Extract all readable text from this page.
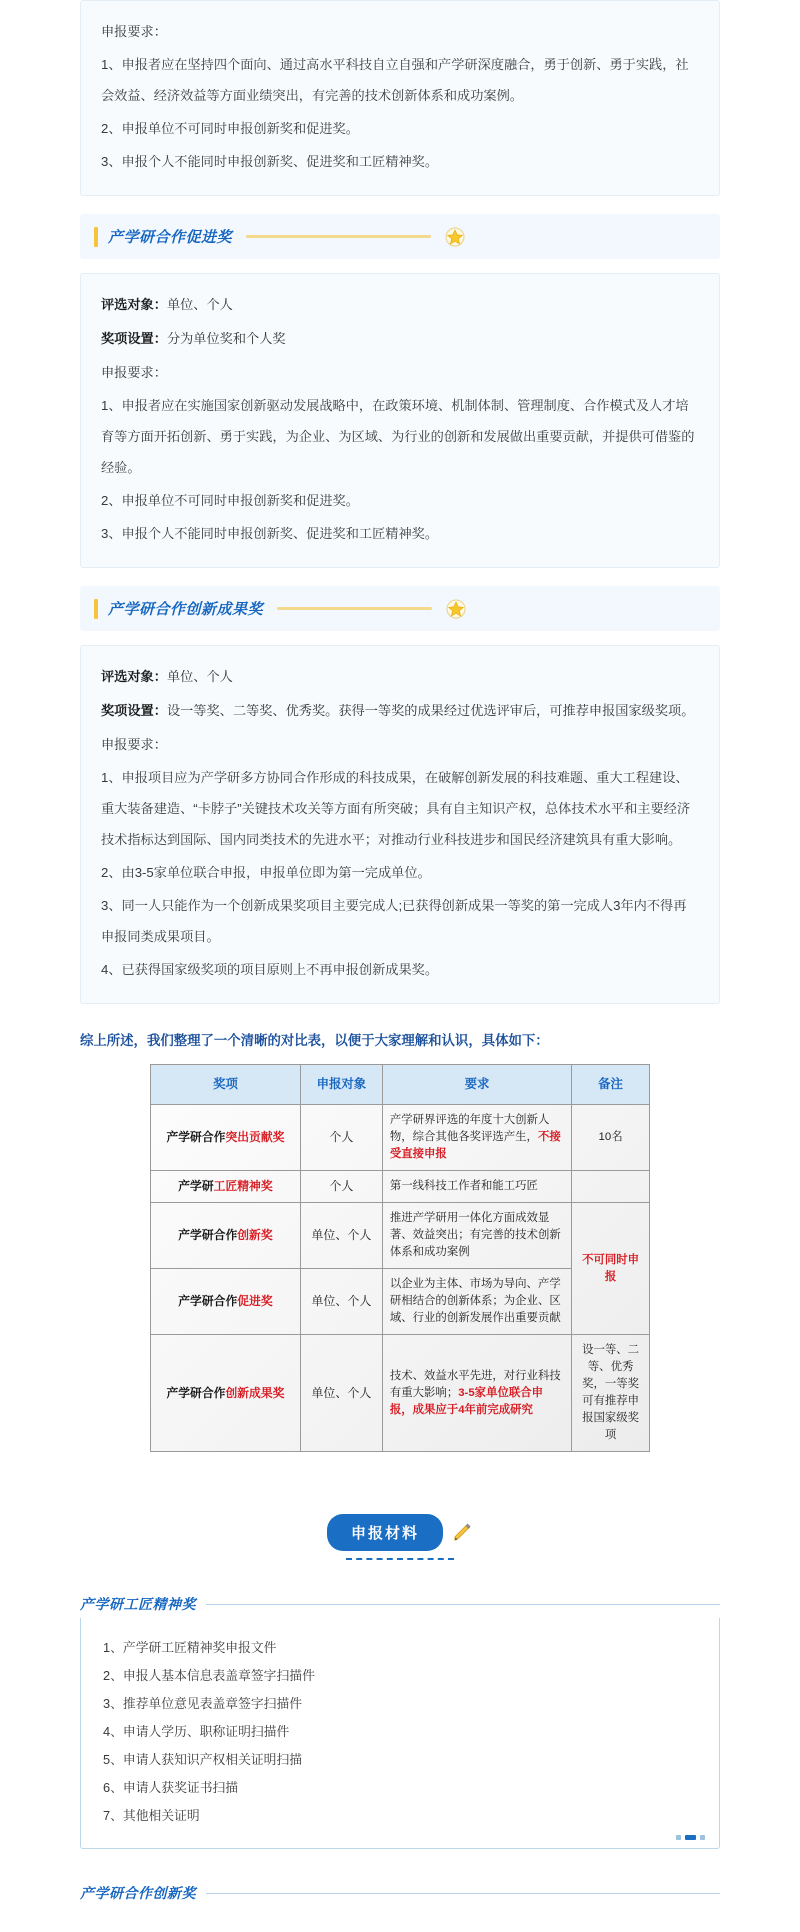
申报要求：
1、申报者应在坚持四个面向、通过高水平科技自立自强和产学研深度融合，勇于创新、勇于实践，社会效益、经济效益等方面业绩突出，有完善的技术创新体系和成功案例。
2、申报单位不可同时申报创新奖和促进奖。
3、申报个人不能同时申报创新奖、促进奖和工匠精神奖。
产学研合作促进奖
评选对象：单位、个人
奖项设置：分为单位奖和个人奖
申报要求：
1、申报者应在实施国家创新驱动发展战略中，在政策环境、机制体制、管理制度、合作模式及人才培育等方面开拓创新、勇于实践，为企业、为区域、为行业的创新和发展做出重要贡献，并提供可借鉴的经验。
2、申报单位不可同时申报创新奖和促进奖。
3、申报个人不能同时申报创新奖、促进奖和工匠精神奖。
产学研合作创新成果奖
评选对象：单位、个人
奖项设置：设一等奖、二等奖、优秀奖。获得一等奖的成果经过优选评审后，可推荐申报国家级奖项。
申报要求：
1、申报项目应为产学研多方协同合作形成的科技成果，在破解创新发展的科技难题、重大工程建设、重大装备建造、“卡脖子”关键技术攻关等方面有所突破；具有自主知识产权，总体技术水平和主要经济技术指标达到国际、国内同类技术的先进水平；对推动行业科技进步和国民经济建筑具有重大影响。
2、由3-5家单位联合申报，申报单位即为第一完成单位。
3、同一人只能作为一个创新成果奖项目主要完成人;已获得创新成果一等奖的第一完成人3年内不得再申报同类成果项目。
4、已获得国家级奖项的项目原则上不再申报创新成果奖。
综上所述，我们整理了一个清晰的对比表，以便于大家理解和认识，具体如下：
奖项	申报对象	要求	备注
产学研合作突出贡献奖	个人	产学研界评选的年度十大创新人物，综合其他各奖评选产生，不接受直接申报	10名
产学研工匠精神奖	个人	第一线科技工作者和能工巧匠	
产学研合作创新奖	单位、个人	推进产学研用一体化方面成效显著、效益突出；有完善的技术创新体系和成功案例	不可同时申报
产学研合作促进奖	单位、个人	以企业为主体、市场为导向、产学研相结合的创新体系；为企业、区域、行业的创新发展作出重要贡献	
产学研合作创新成果奖	单位、个人	技术、效益水平先进，对行业科技有重大影响；3-5家单位联合申报，成果应于4年前完成研究	设一等、二等、优秀奖，一等奖可有推荐申报国家级奖项
申报材料
产学研工匠精神奖
1、产学研工匠精神奖申报文件
2、申报人基本信息表盖章签字扫描件
3、推荐单位意见表盖章签字扫描件
4、申请人学历、职称证明扫描件
5、申请人获知识产权相关证明扫描
6、申请人获奖证书扫描
7、其他相关证明
产学研合作创新奖
